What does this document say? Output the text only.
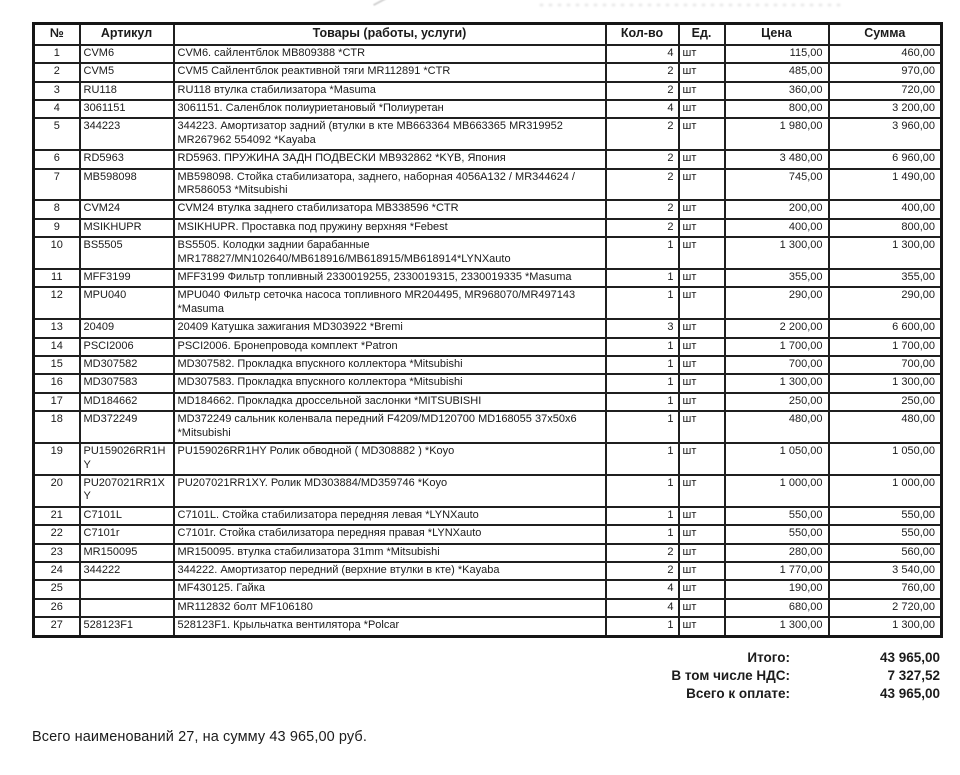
№	Артикул	Товары (работы, услуги)	Кол-во	Ед.	Цена	Сумма
1	CVM6	CVM6. сайлентблок MB809388 *CTR	4	шт	115,00	460,00
2	CVM5	CVM5 Сайлентблок реактивной тяги MR112891 *CTR	2	шт	485,00	970,00
3	RU118	RU118 втулка стабилизатора *Masuma	2	шт	360,00	720,00
4	3061151	3061151. Саленблок полиуриетановый *Полиуретан	4	шт	800,00	3 200,00
5	344223	344223. Амортизатор задний (втулки в кте MB663364 MB663365 MR319952 MR267962 554092 *Kayaba	2	шт	1 980,00	3 960,00
6	RD5963	RD5963. ПРУЖИНА ЗАДН ПОДВЕСКИ MB932862 *KYB, Япония	2	шт	3 480,00	6 960,00
7	MB598098	MB598098. Стойка стабилизатора, заднего, наборная 4056A132 / MR344624 / MR586053 *Mitsubishi	2	шт	745,00	1 490,00
8	CVM24	CVM24 втулка заднего стабилизатора MB338596 *CTR	2	шт	200,00	400,00
9	MSIKHUPR	MSIKHUPR. Проставка под пружину верхняя *Febest	2	шт	400,00	800,00
10	BS5505	BS5505. Колодки заднии барабанные MR178827/MN102640/MB618916/MB618915/MB618914*LYNXauto	1	шт	1 300,00	1 300,00
11	MFF3199	MFF3199 Фильтр топливный 2330019255, 2330019315, 2330019335 *Masuma	1	шт	355,00	355,00
12	MPU040	MPU040 Фильтр сеточка насоса топливного MR204495, MR968070/MR497143 *Masuma	1	шт	290,00	290,00
13	20409	20409 Катушка зажигания MD303922 *Bremi	3	шт	2 200,00	6 600,00
14	PSCI2006	PSCI2006. Бронепровода комплект *Patron	1	шт	1 700,00	1 700,00
15	MD307582	MD307582. Прокладка впускного коллектора *Mitsubishi	1	шт	700,00	700,00
16	MD307583	MD307583. Прокладка впускного коллектора *Mitsubishi	1	шт	1 300,00	1 300,00
17	MD184662	MD184662. Прокладка дроссельной заслонки *MITSUBISHI	1	шт	250,00	250,00
18	MD372249	MD372249 сальник коленвала передний F4209/MD120700 MD168055 37x50x6 *Mitsubishi	1	шт	480,00	480,00
19	PU159026RR1HY	PU159026RR1HY Ролик обводной ( MD308882 ) *Koyo	1	шт	1 050,00	1 050,00
20	PU207021RR1XY	PU207021RR1XY. Ролик MD303884/MD359746 *Koyo	1	шт	1 000,00	1 000,00
21	C7101L	C7101L. Стойка стабилизатора передняя левая *LYNXauto	1	шт	550,00	550,00
22	C7101r	C7101r. Стойка стабилизатора передняя правая *LYNXauto	1	шт	550,00	550,00
23	MR150095	MR150095. втулка стабилизатора 31mm *Mitsubishi	2	шт	280,00	560,00
24	344222	344222. Амортизатор передний (верхние втулки в кте) *Kayaba	2	шт	1 770,00	3 540,00
25		MF430125. Гайка	4	шт	190,00	760,00
26		MR112832 болт MF106180	4	шт	680,00	2 720,00
27	528123F1	528123F1. Крыльчатка вентилятора *Polcar	1	шт	1 300,00	1 300,00
Итого:	43 965,00
В том числе НДС:	7 327,52
Всего к оплате:	43 965,00
Всего наименований 27, на сумму 43 965,00 руб.
